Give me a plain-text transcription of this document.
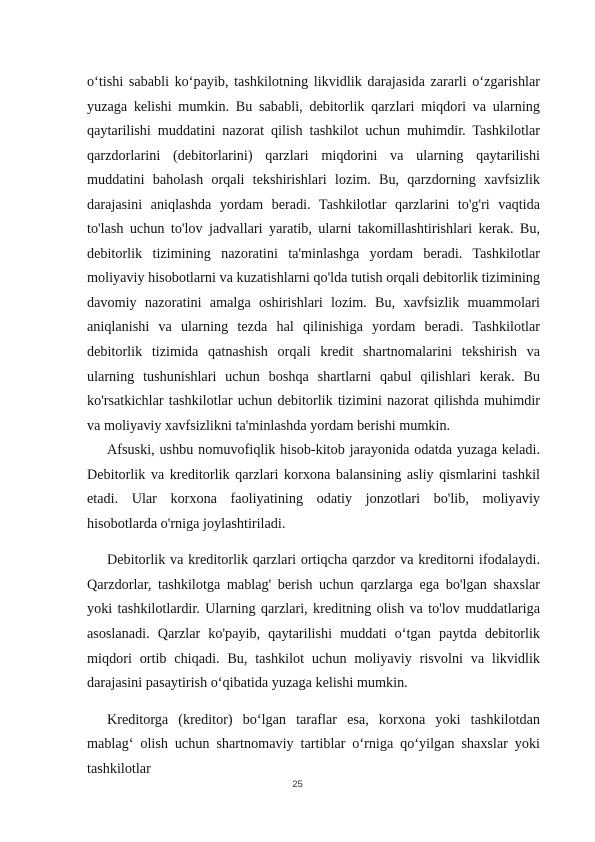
o‘tishi sababli ko‘payib, tashkilotning likvidlik darajasida zararli o‘zgarishlar yuzaga kelishi mumkin. Bu sababli, debitorlik qarzlari miqdori va ularning qaytarilishi muddatini nazorat qilish tashkilot uchun muhimdir. Tashkilotlar qarzdorlarini (debitorlarini) qarzlari miqdorini va ularning qaytarilishi muddatini baholash orqali tekshirishlari lozim. Bu, qarzdorning xavfsizlik darajasini aniqlashda yordam beradi. Tashkilotlar qarzlarini to'g'ri vaqtida to'lash uchun to'lov jadvallari yaratib, ularni takomillashtirishlari kerak. Bu, debitorlik tizimining nazoratini ta'minlashga yordam beradi. Tashkilotlar moliyaviy hisobotlarni va kuzatishlarni qo'lda tutish orqali debitorlik tizimining davomiy nazoratini amalga oshirishlari lozim. Bu, xavfsizlik muammolari aniqlanishi va ularning tezda hal qilinishiga yordam beradi. Tashkilotlar debitorlik tizimida qatnashish orqali kredit shartnomalarini tekshirish va ularning tushunishlari uchun boshqa shartlarni qabul qilishlari kerak. Bu ko'rsatkichlar tashkilotlar uchun debitorlik tizimini nazorat qilishda muhimdir va moliyaviy xavfsizlikni ta'minlashda yordam berishi mumkin.

Afsuski, ushbu nomuvofiqlik hisob-kitob jarayonida odatda yuzaga keladi. Debitorlik va kreditorlik qarzlari korxona balansining asliy qismlarini tashkil etadi. Ular korxona faoliyatining odatiy jonzotlari bo'lib, moliyaviy hisobotlarda o'rniga joylashtiriladi.

Debitorlik va kreditorlik qarzlari ortiqcha qarzdor va kreditorni ifodalaydi. Qarzdorlar, tashkilotga mablag' berish uchun qarzlarga ega bo'lgan shaxslar yoki tashkilotlardir. Ularning qarzlari, kreditning olish va to'lov muddatlariga asoslanadi. Qarzlar ko'payib, qaytarilishi muddati o‘tgan paytda debitorlik miqdori ortib chiqadi. Bu, tashkilot uchun moliyaviy risvolni va likvidlik darajasini pasaytirish o‘qibatida yuzaga kelishi mumkin.

Kreditorga (kreditor) bo‘lgan taraflar esa, korxona yoki tashkilotdan mablag‘ olish uchun shartnomaviy tartiblar o‘rniga qo‘yilgan shaxslar yoki tashkilotlar

25
